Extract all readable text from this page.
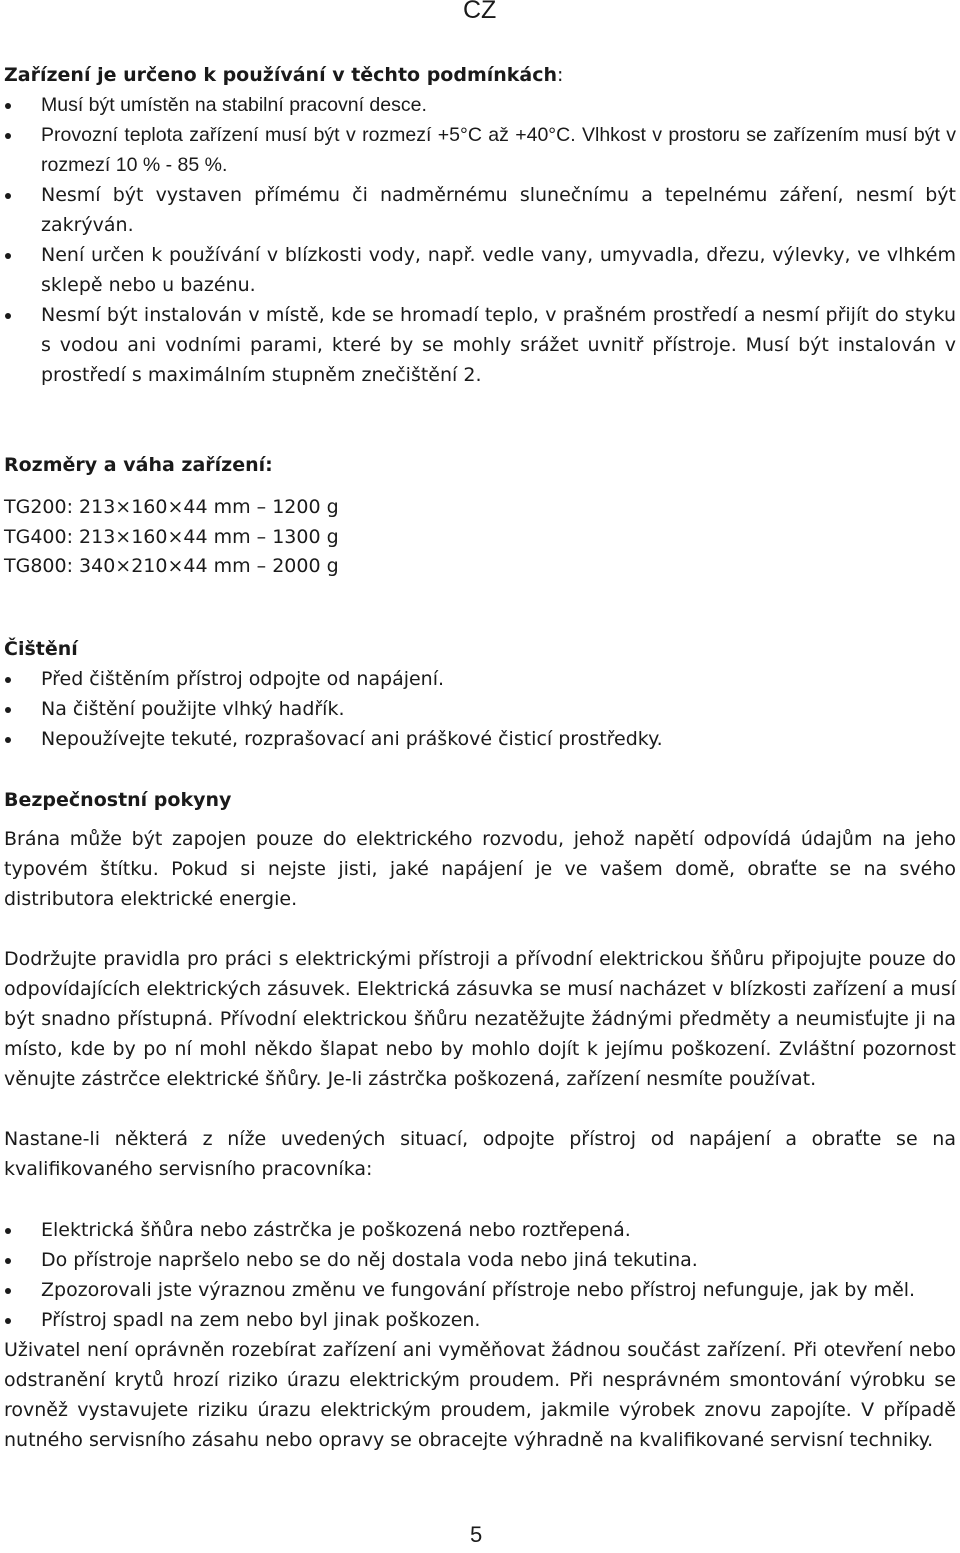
CZ
Zařízení je určeno k používání v těchto podmínkách:
Musí být umístěn na stabilní pracovní desce.
Provozní teplota zařízení musí být v rozmezí +5°C až +40°C. Vlhkost v prostoru se zařízením musí být v rozmezí 10 % - 85 %.
Nesmí být vystaven přímému či nadměrnému slunečnímu a tepelnému záření, nesmí být zakrýván.
Není určen k používání v blízkosti vody, např. vedle vany, umyvadla, dřezu, výlevky, ve vlhkém sklepě nebo u bazénu.
Nesmí být instalován v místě, kde se hromadí teplo, v prašném prostředí a nesmí přijít do styku s vodou ani vodními parami, které by se mohly srážet uvnitř přístroje. Musí být instalován v prostředí s maximálním stupněm znečištění 2.
Rozměry a váha zařízení:

TG200: 213×160×44 mm – 1200 g

TG400: 213×160×44 mm – 1300 g

TG800: 340×210×44 mm – 2000 g

Čištění
Před čištěním přístroj odpojte od napájení.
Na čištění použijte vlhký hadřík.
Nepoužívejte tekuté, rozprašovací ani práškové čisticí prostředky.
Bezpečnostní pokyny

Brána může být zapojen pouze do elektrického rozvodu, jehož napětí odpovídá údajům na jeho typovém štítku. Pokud si nejste jisti, jaké napájení je ve vašem domě, obraťte se na svého distributora elektrické energie.

Dodržujte pravidla pro práci s elektrickými přístroji a přívodní elektrickou šňůru připojujte pouze do odpovídajících elektrických zásuvek. Elektrická zásuvka se musí nacházet v blízkosti zařízení a musí být snadno přístupná. Přívodní elektrickou šňůru nezatěžujte žádnými předměty a neumisťujte ji na místo, kde by po ní mohl někdo šlapat nebo by mohlo dojít k jejímu poškození. Zvláštní pozornost věnujte zástrčce elektrické šňůry. Je-li zástrčka poškozená, zařízení nesmíte používat.

Nastane-li některá z níže uvedených situací, odpojte přístroj od napájení a obraťte se na kvalifikovaného servisního pracovníka:

Elektrická šňůra nebo zástrčka je poškozená nebo roztřepená.
Do přístroje napršelo nebo se do něj dostala voda nebo jiná tekutina.
Zpozorovali jste výraznou změnu ve fungování přístroje nebo přístroj nefunguje, jak by měl.
Přístroj spadl na zem nebo byl jinak poškozen.

Uživatel není oprávněn rozebírat zařízení ani vyměňovat žádnou součást zařízení. Při otevření nebo odstranění krytů hrozí riziko úrazu elektrickým proudem. Při nesprávném smontování výrobku se rovněž vystavujete riziku úrazu elektrickým proudem, jakmile výrobek znovu zapojíte. V případě nutného servisního zásahu nebo opravy se obracejte výhradně na kvalifikované servisní techniky.

5
